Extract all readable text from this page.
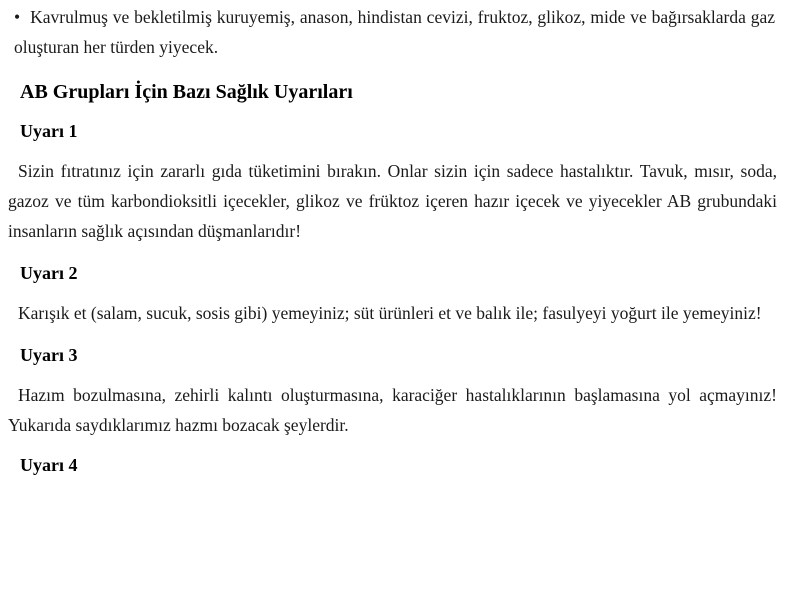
• Kavrulmuş ve bekletilmiş kuruyemiş, anason, hindistan cevizi, fruktoz, glikoz, mide ve bağırsaklarda gaz oluşturan her türden yiyecek.

AB Grupları İçin Bazı Sağlık Uyarıları
Uyarı 1

Sizin fıtratınız için zararlı gıda tüketimini bırakın. Onlar sizin için sadece hastalıktır. Tavuk, mısır, soda, gazoz ve tüm karbondioksitli içecekler, glikoz ve früktoz içeren hazır içecek ve yiyecekler AB grubundaki insanların sağlık açısından düşmanlarıdır!

Uyarı 2

Karışık et (salam, sucuk, sosis gibi) yemeyiniz; süt ürünleri et ve balık ile; fasulyeyi yoğurt ile yemeyiniz!

Uyarı 3

Hazım bozulmasına, zehirli kalıntı oluşturmasına, karaciğer hastalıklarının başlamasına yol açmayınız! Yukarıda saydıklarımız hazmı bozacak şeylerdir.

Uyarı 4
